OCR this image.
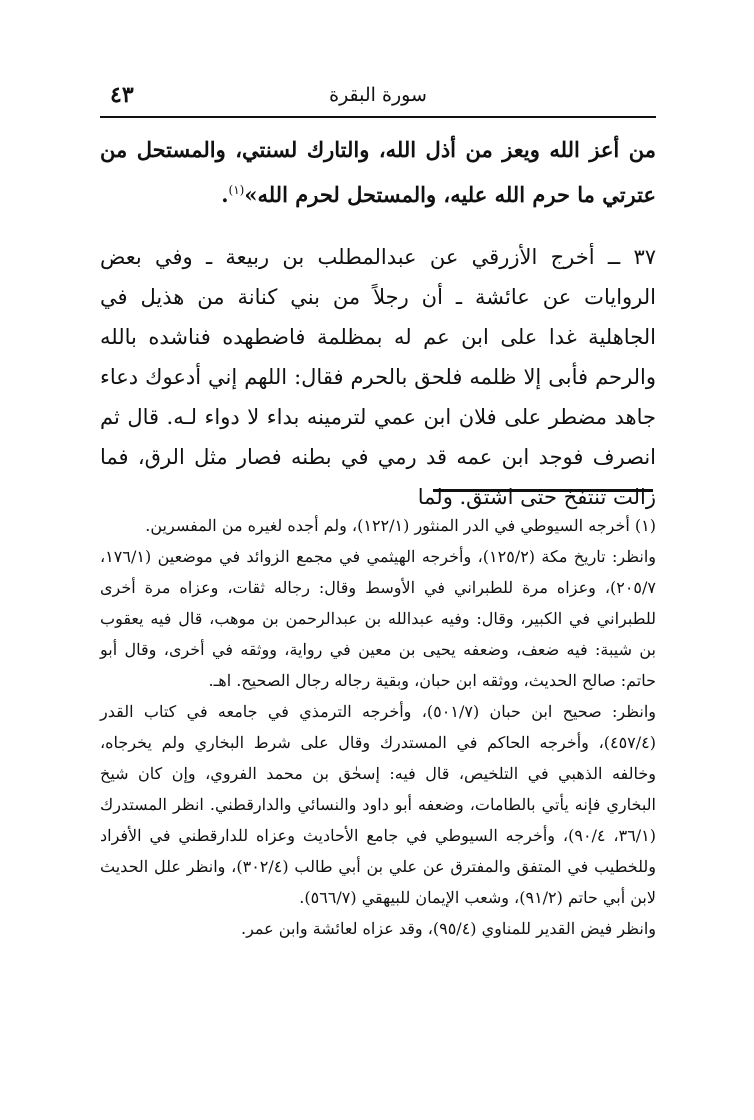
٤٣	سورة البقرة

من أعز الله ويعز من أذل الله، والتارك لسنتي، والمستحل من عترتي ما حرم الله عليه، والمستحل لحرم الله»$^{(١)}$.

٣٧ ــ أخرج الأزرقي عن عبدالمطلب بن ربيعة ـ وفي بعض الروايات عن عائشة ـ أن رجلاً من بني كنانة من هذيل في الجاهلية غدا على ابن عم له بمظلمة فاضطهده فناشده بالله والرحم فأبى إلا ظلمه فلحق بالحرم فقال: اللهم إني أدعوك دعاء جاهد مضطر على فلان ابن عمي لترمينه بداء لا دواء لـه. قال ثم انصرف فوجد ابن عمه قد رمي في بطنه فصار مثل الرق، فما زالت تنتفخ حتى اشتق. ولما

(١) أخرجه السيوطي في الدر المنثور (١٢٢/١)، ولم أجده لغيره من المفسرين.

وانظر: تاريخ مكة (١٢٥/٢)، وأخرجه الهيثمي في مجمع الزوائد في موضعين (١٧٦/١، ٢٠٥/٧)، وعزاه مرة للطبراني في الأوسط وقال: رجاله ثقات، وعزاه مرة أخرى للطبراني في الكبير، وقال: وفيه عبدالله بن عبدالرحمن بن موهب، قال فيه يعقوب بن شيبة: فيه ضعف، وضعفه يحيى بن معين في رواية، ووثقه في أخرى، وقال أبو حاتم: صالح الحديث، ووثقه ابن حبان، وبقية رجاله رجال الصحيح. اهـ.

وانظر: صحيح ابن حبان (٥٠١/٧)، وأخرجه الترمذي في جامعه في كتاب القدر (٤٥٧/٤)، وأخرجه الحاكم في المستدرك وقال على شرط البخاري ولم يخرجاه، وخالفه الذهبي في التلخيص، قال فيه: إسحٰق بن محمد الفروي، وإن كان شيخ البخاري فإنه يأتي بالطامات، وضعفه أبو داود والنسائي والدارقطني. انظر المستدرك (٣٦/١، ٩٠/٤)، وأخرجه السيوطي في جامع الأحاديث وعزاه للدارقطني في الأفراد وللخطيب في المتفق والمفترق عن علي بن أبي طالب (٣٠٢/٤)، وانظر علل الحديث لابن أبي حاتم (٩١/٢)، وشعب الإيمان للبيهقي (٥٦٦/٧).

وانظر فيض القدير للمناوي (٩٥/٤)، وقد عزاه لعائشة وابن عمر.
